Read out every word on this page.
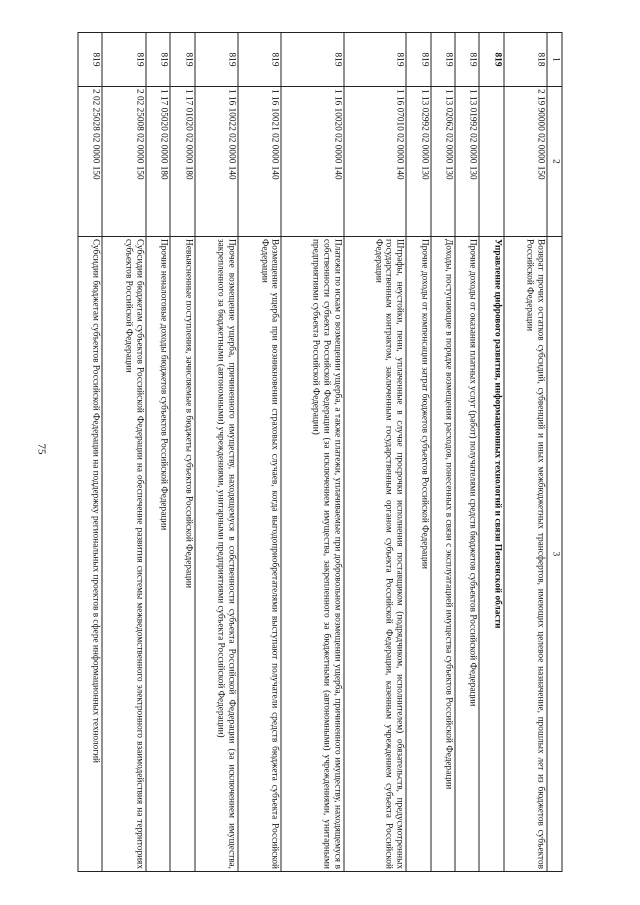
75
1	2	3
818	2 19 90000 02 0000 150	Возврат прочих остатков субсидий, субвенций и иных межбюджетных трансфертов, имеющих целевое назначение, прошлых лет из бюджетов субъектов Российской Федерации
819		Управление цифрового развития, информационных технологий и связи Пензенской области
819	1 13 01992 02 0000 130	Прочие доходы от оказания платных услуг (работ) получателями средств бюджетов субъектов Российской Федерации
819	1 13 02062 02 0000 130	Доходы, поступающие в порядке возмещения расходов, понесенных в связи с эксплуатацией имущества субъектов Российской Федерации
819	1 13 02992 02 0000 130	Прочие доходы от компенсации затрат бюджетов субъектов Российской Федерации
819	1 16 07010 02 0000 140	Штрафы, неустойки, пени, уплаченные в случае просрочки исполнения поставщиком (подрядчиком, исполнителем) обязательств, предусмотренных государственным контрактом, заключенным государственным органом субъекта Российской Федерации, казенным учреждением субъекта Российской Федерации
819	1 16 10020 02 0000 140	Платежи по искам о возмещении ущерба, а также платежи, уплачиваемые при добровольном возмещении ущерба, причиненного имуществу, находящемуся в собственности субъекта Российской Федерации (за исключением имущества, закрепленного за бюджетными (автономными) учреждениями, унитарными предприятиями субъекта Российской Федерации)
819	1 16 10021 02 0000 140	Возмещение ущерба при возникновении страховых случаев, когда выгодоприобретателями выступают получатели средств бюджета субъекта Российской Федерации
819	1 16 10022 02 0000 140	Прочее возмещение ущерба, причиненного имуществу, находящемуся в собственности субъекта Российской Федерации (за исключением имущества, закрепленного за бюджетными (автономными) учреждениями, унитарными предприятиями субъекта Российской Федерации)
819	1 17 01020 02 0000 180	Невыясненные поступления, зачисляемые в бюджеты субъектов Российской Федерации
819	1 17 05020 02 0000 180	Прочие неналоговые доходы бюджетов субъектов Российской Федерации
819	2 02 25008 02 0000 150	Субсидии бюджетам субъектов Российской Федерации на обеспечение развития системы межведомственного электронного взаимодействия на территориях субъектов Российской Федерации
819	2 02 25028 02 0000 150	Субсидии бюджетам субъектов Российской Федерации на поддержку региональных проектов в сфере информационных технологий
